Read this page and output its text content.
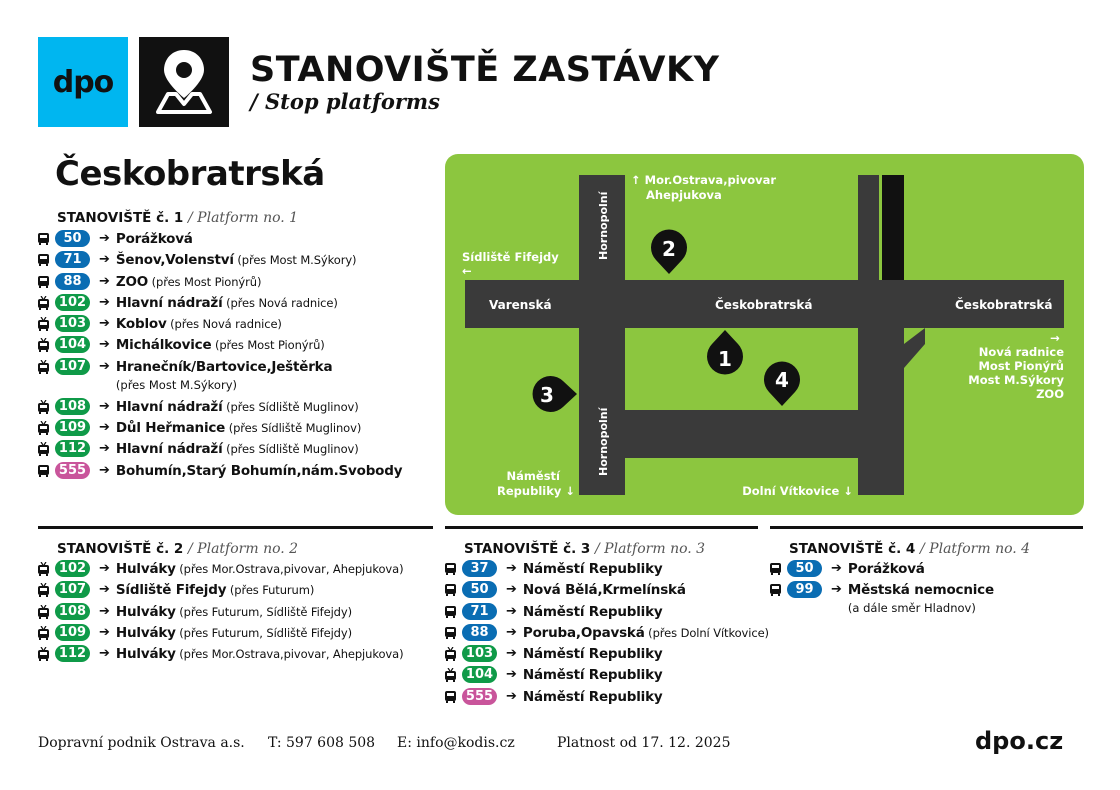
dpo	STANOVIŠTĚ ZASTÁVKY
/ Stop platforms
Českobratrská
Varenská	Českobratrská	Českobratrská
Hornopolní
Hornopolní
↑ Mor.Ostrava,pivovar
Ahepjukova
Sídliště Fifejdy
←
→
Nová radnice
Most Pionýrů
Most M.Sýkory
ZOO
Náměstí
Republiky ↓	Dolní Vítkovice ↓
2
1
3
4
STANOVIŠTĚ č. 1 / Platform no. 1
50	➔ Porážková
71	➔ Šenov,Volenství (přes Most M.Sýkory)
88	➔ ZOO (přes Most Pionýrů)
102 ➔ Hlavní nádraží (přes Nová radnice)
103 ➔ Koblov (přes Nová radnice)
104 ➔ Michálkovice (přes Most Pionýrů)
107 ➔ Hranečník/Bartovice,Ještěrka
(přes Most M.Sýkory)
108 ➔ Hlavní nádraží (přes Sídliště Muglinov)
109 ➔ Důl Heřmanice (přes Sídliště Muglinov)
112 ➔ Hlavní nádraží (přes Sídliště Muglinov)
555 ➔ Bohumín,Starý Bohumín,nám.Svobody
STANOVIŠTĚ č. 2 / Platform no. 2
102 ➔ Hulváky (přes Mor.Ostrava,pivovar, Ahepjukova)
107 ➔ Sídliště Fifejdy (přes Futurum)
108 ➔ Hulváky (přes Futurum, Sídliště Fifejdy)
109 ➔ Hulváky (přes Futurum, Sídliště Fifejdy)
112 ➔ Hulváky (přes Mor.Ostrava,pivovar, Ahepjukova)
STANOVIŠTĚ č. 3 / Platform no. 3
37	➔ Náměstí Republiky
50	➔ Nová Bělá,Krmelínská
71	➔ Náměstí Republiky
88	➔ Poruba,Opavská (přes Dolní Vítkovice)
103 ➔ Náměstí Republiky
104 ➔ Náměstí Republiky
555 ➔ Náměstí Republiky
STANOVIŠTĚ č. 4 / Platform no. 4
50	➔ Porážková
99	➔ Městská nemocnice
(a dále směr Hladnov)
Dopravní podnik Ostrava a.s. T: 597 608 508 E: info@kodis.cz	Platnost od 17. 12. 2025	dpo.cz
